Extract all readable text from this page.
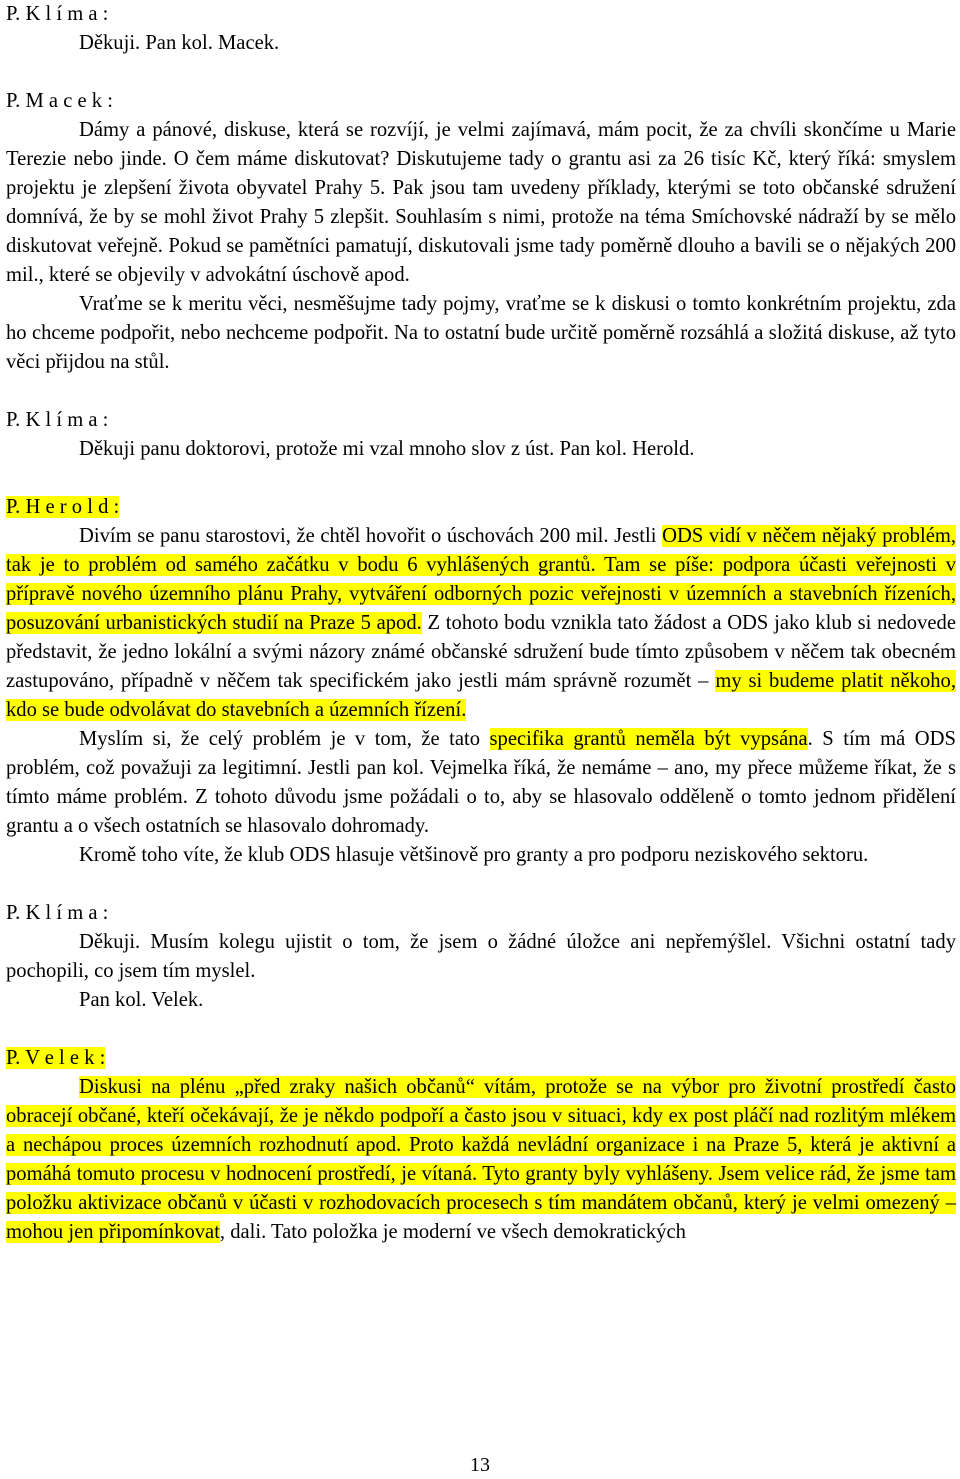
P. K l í m a :

Děkuji. Pan kol. Macek.

P. M a c e k :

Dámy a pánové, diskuse, která se rozvíjí, je velmi zajímavá, mám pocit, že za chvíli skončíme u Marie Terezie nebo jinde. O čem máme diskutovat? Diskutujeme tady o grantu asi za 26 tisíc Kč, který říká: smyslem projektu je zlepšení života obyvatel Prahy 5. Pak jsou tam uvedeny příklady, kterými se toto občanské sdružení domnívá, že by se mohl život Prahy 5 zlepšit. Souhlasím s nimi, protože na téma Smíchovské nádraží by se mělo diskutovat veřejně. Pokud se pamětníci pamatují, diskutovali jsme tady poměrně dlouho a bavili se o nějakých 200 mil., které se objevily v advokátní úschově apod.

Vraťme se k meritu věci, nesměšujme tady pojmy, vraťme se k diskusi o tomto konkrétním projektu, zda ho chceme podpořit, nebo nechceme podpořit. Na to ostatní bude určitě poměrně rozsáhlá a složitá diskuse, až tyto věci přijdou na stůl.

P. K l í m a :

Děkuji panu doktorovi, protože mi vzal mnoho slov z úst. Pan kol. Herold.

P. H e r o l d :

Divím se panu starostovi, že chtěl hovořit o úschovách 200 mil. Jestli ODS vidí v něčem nějaký problém, tak je to problém od samého začátku v bodu 6 vyhlášených grantů. Tam se píše: podpora účasti veřejnosti v přípravě nového územního plánu Prahy, vytváření odborných pozic veřejnosti v územních a stavebních řízeních, posuzování urbanistických studií na Praze 5 apod. Z tohoto bodu vznikla tato žádost a ODS jako klub si nedovede představit, že jedno lokální a svými názory známé občanské sdružení bude tímto způsobem v něčem tak obecném zastupováno, případně v něčem tak specifickém jako jestli mám správně rozumět – my si budeme platit někoho, kdo se bude odvolávat do stavebních a územních řízení.

Myslím si, že celý problém je v tom, že tato specifika grantů neměla být vypsána. S tím má ODS problém, což považuji za legitimní. Jestli pan kol. Vejmelka říká, že nemáme – ano, my přece můžeme říkat, že s tímto máme problém. Z tohoto důvodu jsme požádali o to, aby se hlasovalo odděleně o tomto jednom přidělení grantu a o všech ostatních se hlasovalo dohromady.

Kromě toho víte, že klub ODS hlasuje většinově pro granty a pro podporu neziskového sektoru.

P. K l í m a :

Děkuji. Musím kolegu ujistit o tom, že jsem o žádné úložce ani nepřemýšlel. Všichni ostatní tady pochopili, co jsem tím myslel.

Pan kol. Velek.

P. V e l e k :

Diskusi na plénu „před zraky našich občanů“ vítám, protože se na výbor pro životní prostředí často obracejí občané, kteří očekávají, že je někdo podpoří a často jsou v situaci, kdy ex post pláčí nad rozlitým mlékem a nechápou proces územních rozhodnutí apod. Proto každá nevládní organizace i na Praze 5, která je aktivní a pomáhá tomuto procesu v hodnocení prostředí, je vítaná. Tyto granty byly vyhlášeny. Jsem velice rád, že jsme tam položku aktivizace občanů v účasti v rozhodovacích procesech s tím mandátem občanů, který je velmi omezený – mohou jen připomínkovat, dali. Tato položka je moderní ve všech demokratických

13
